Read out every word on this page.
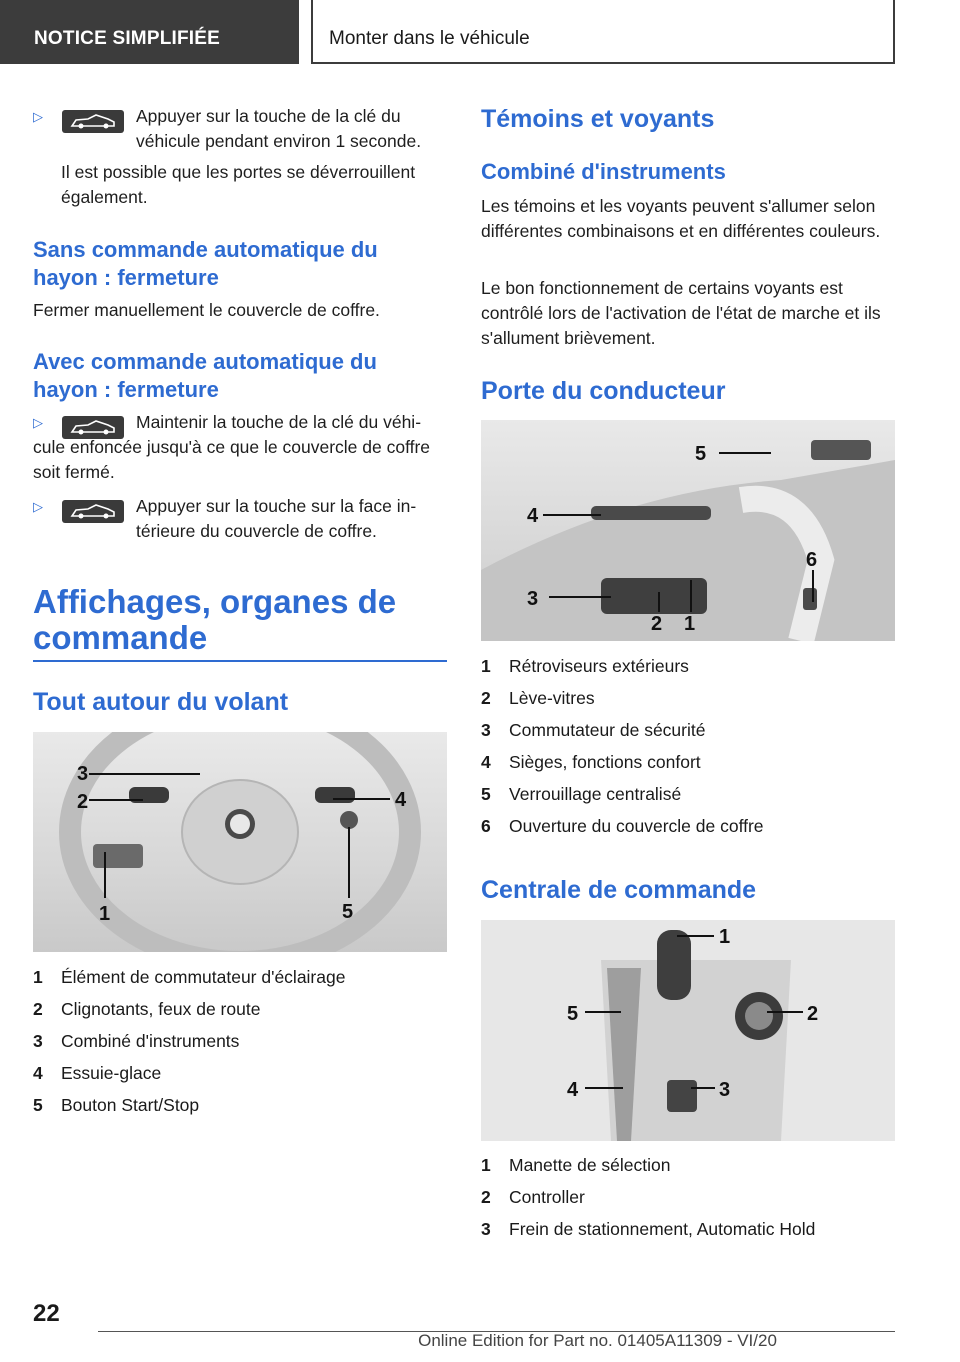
NOTICE SIMPLIFIÉE	Monter dans le véhicule
▷	Appuyer sur la touche de la clé du véhicule pendant environ 1 seconde.
Il est possible que les portes se déverrouillent également.
Sans commande automatique du hayon : fermeture
Fermer manuellement le couvercle de coffre.
Avec commande automatique du hayon : fermeture
▷	Maintenir la touche de la clé du véhicule enfoncée jusqu'à ce que le couvercle de coffre soit fermé.
▷	Appuyer sur la touche sur la face intérieure du couvercle de coffre.
Affichages, organes de commande
Tout autour du volant
3
2	4
1	5
1	Élément de commutateur d'éclairage
2	Clignotants, feux de route
3	Combiné d'instruments
4	Essuie-glace
5	Bouton Start/Stop
Témoins et voyants
Combiné d'instruments
Les témoins et les voyants peuvent s'allumer selon différentes combinaisons et en différentes couleurs.
Le bon fonctionnement de certains voyants est contrôlé lors de l'activation de l'état de marche et ils s'allument brièvement.
Porte du conducteur
5
4
6
3
2 1
1	Rétroviseurs extérieurs
2	Lève-vitres
3	Commutateur de sécurité
4	Sièges, fonctions confort
5	Verrouillage centralisé
6	Ouverture du couvercle de coffre
Centrale de commande
1
5	2
4	3
1	Manette de sélection
2	Controller
3	Frein de stationnement, Automatic Hold
22
Online Edition for Part no. 01405A11309 - VI/20
